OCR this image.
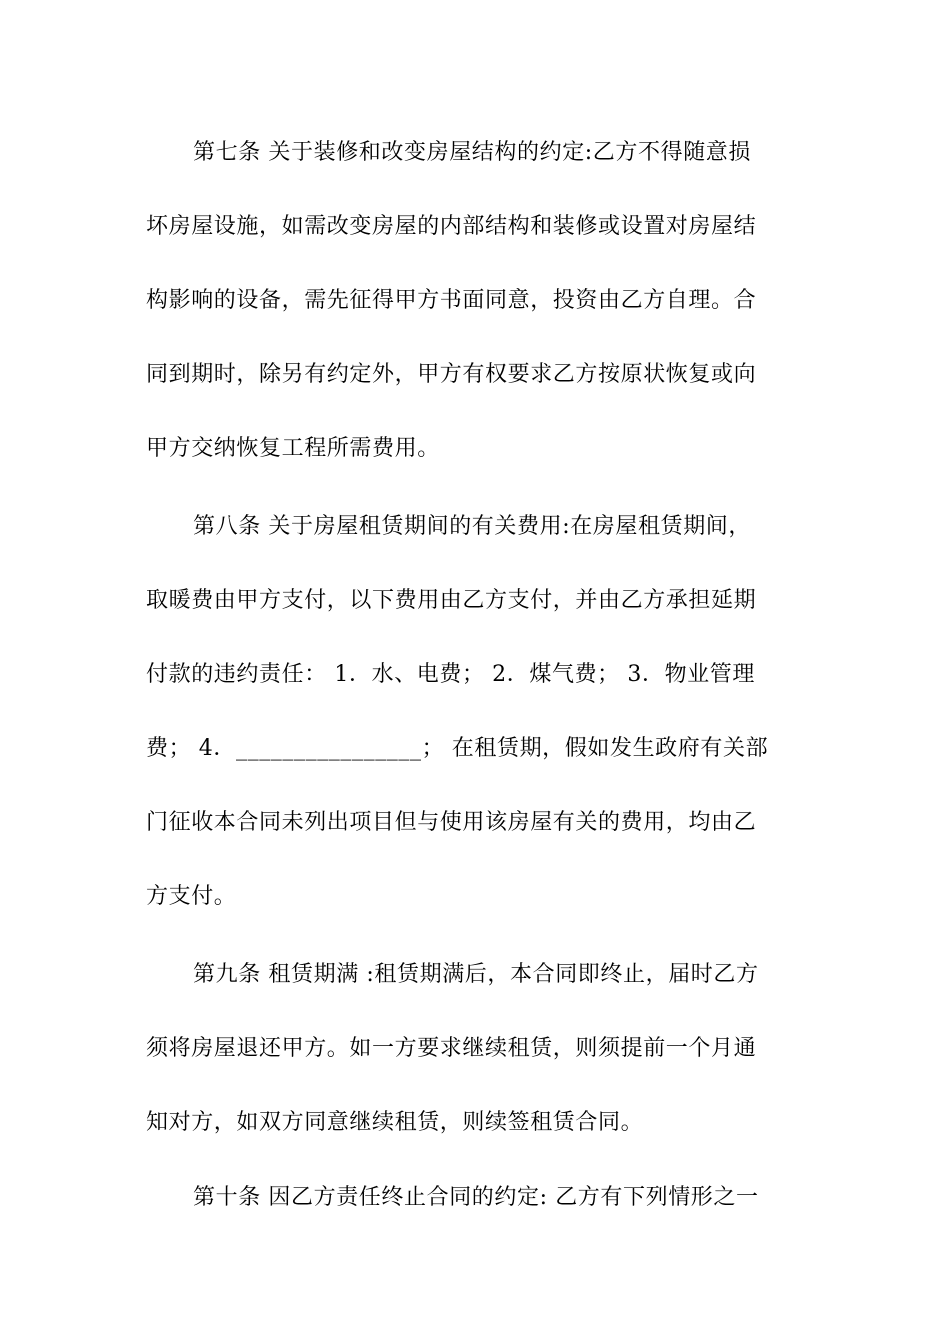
第七条 关于装修和改变房屋结构的约定:乙方不得随意损
坏房屋设施，如需改变房屋的内部结构和装修或设置对房屋结
构影响的设备，需先征得甲方书面同意，投资由乙方自理。合
同到期时，除另有约定外，甲方有权要求乙方按原状恢复或向
甲方交纳恢复工程所需费用。
第八条 关于房屋租赁期间的有关费用:在房屋租赁期间，
取暖费由甲方支付，以下费用由乙方支付，并由乙方承担延期
付款的违约责任： 1．水、电费； 2．煤气费； 3．物业管理
费； 4．________________； 在租赁期，假如发生政府有关部
门征收本合同未列出项目但与使用该房屋有关的费用，均由乙
方支付。
第九条 租赁期满 :租赁期满后，本合同即终止，届时乙方
须将房屋退还甲方。如一方要求继续租赁，则须提前一个月通
知对方，如双方同意继续租赁，则续签租赁合同。
第十条 因乙方责任终止合同的约定: 乙方有下列情形之一
